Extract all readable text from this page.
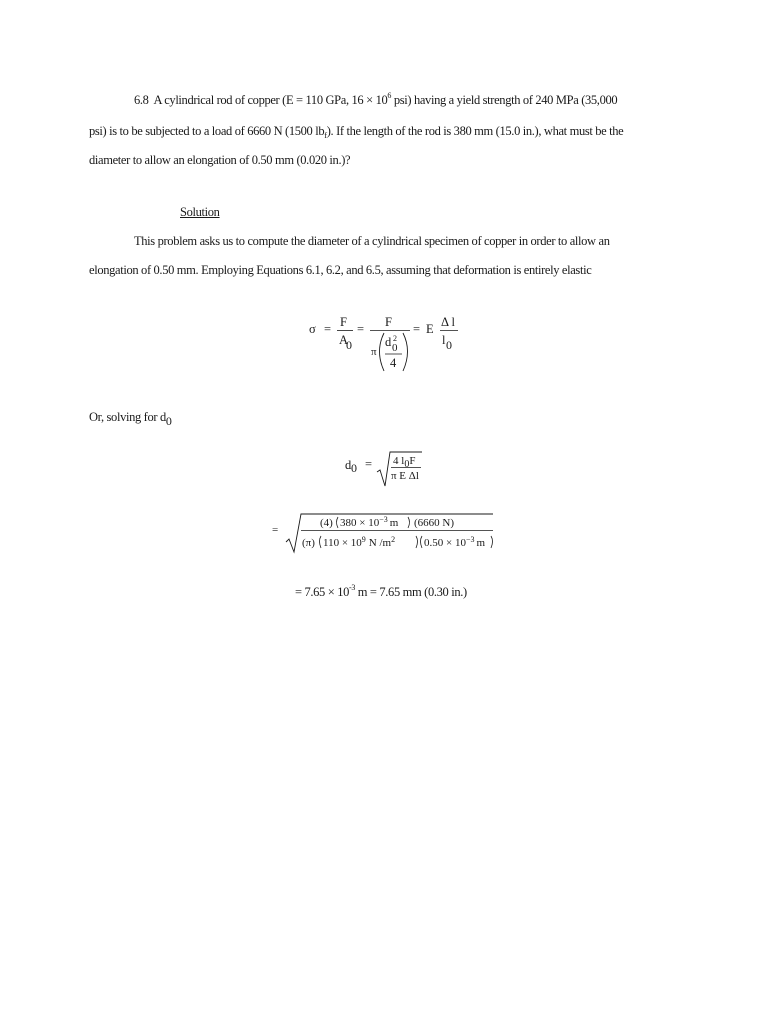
6.8 A cylindrical rod of copper (E = 110 GPa, $16 \times 10^6$ psi) having a yield strength of 240 MPa (35,000
psi) is to be subjected to a load of 6660 N (1500 $lb_f$). If the length of the rod is 380 mm (15.0 in.), what must be the
diameter to allow an elongation of 0.50 mm (0.020 in.)?
Solution
This problem asks us to compute the diameter of a cylindrical specimen of copper in order to allow an
elongation of 0.50 mm. Employing Equations 6.1, 6.2, and 6.5, assuming that deformation is entirely elastic
σ = F
A
0
= F
π
d 2
0
4
= E Δ l
l 0
Or, solving for d0
d 0 = 4 l0F
π E Δl
=
(4) $380 \times 10^{-3}$ m (6660 N)
(π) $110 \times 10^9$ N $/m^2$	$0.50 \times 10^{-3}$ m
= $7.65 \times 10^{-3}$ m = 7.65 mm (0.30 in.)
